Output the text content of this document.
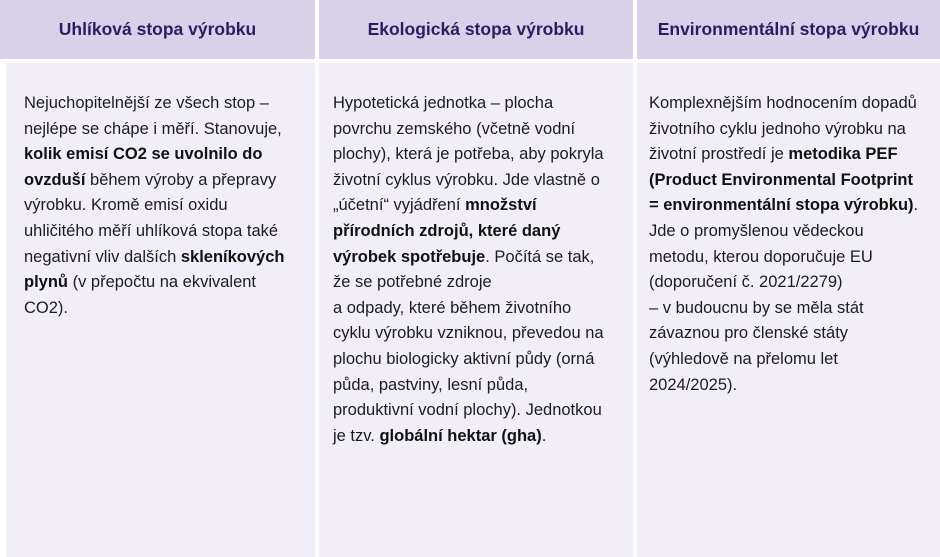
Uhlíková stopa výrobku	Ekologická stopa výrobku	Environmentální stopa výrobku

Nejuchopitelnější ze všech stop – nejlépe se chápe i měří. Stanovuje, kolik emisí CO2 se uvolnilo do ovzduší během výroby a přepravy výrobku. Kromě emisí oxidu uhličitého měří uhlíková stopa také negativní vliv dalších skleníkových plynů (v přepočtu na ekvivalent CO2).

Hypotetická jednotka – plocha povrchu zemského (včetně vodní plochy), která je potřeba, aby pokryla životní cyklus výrobku. Jde vlastně o „účetní“ vyjádření množství přírodních zdrojů, které daný výrobek spotřebuje. Počítá se tak, že se potřebné zdroje

a odpady, které během životního cyklu výrobku vzniknou, převedou na plochu biologicky aktivní půdy (orná půda, pastviny, lesní půda, produktivní vodní plochy). Jednotkou je tzv. globální hektar (gha).

Komplexnějším hodnocením dopadů životního cyklu jednoho výrobku na životní prostředí je metodika PEF (Product Environmental Footprint = environmentální stopa výrobku). Jde o promyšlenou vědeckou metodu, kterou doporučuje EU (doporučení č. 2021/2279)

– v budoucnu by se měla stát závaznou pro členské státy (výhledově na přelomu let 2024/2025).
